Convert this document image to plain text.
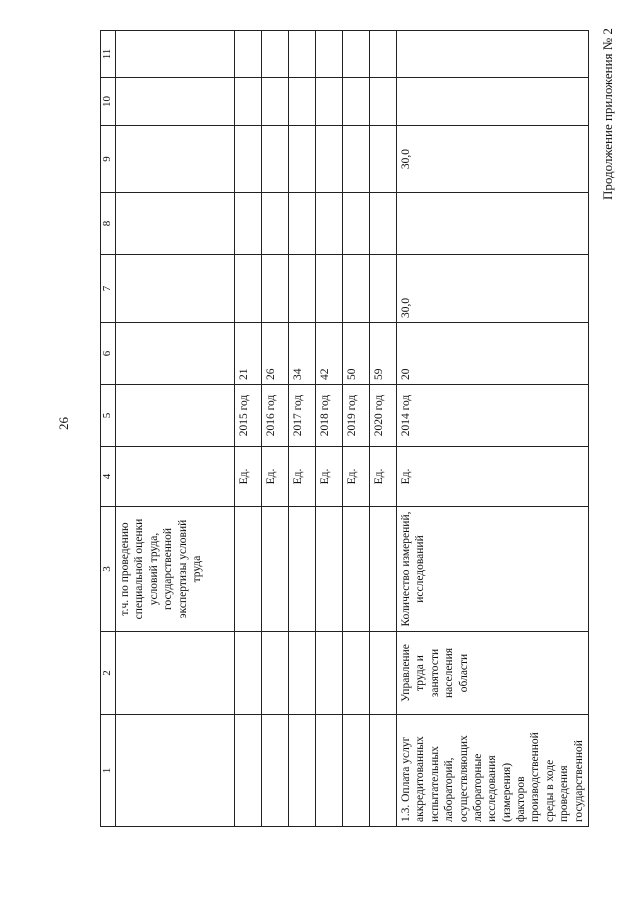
26
Продолжение приложения № 2
1	2	3	4	5	6	7	8	9	10	11
		т.ч. по проведению специальной оценки условий труда, государственной экспертизы условий труда								
			Ед.	2015 год	21					
			Ед.	2016 год	26					
			Ед.	2017 год	34					
			Ед.	2018 год	42					
			Ед.	2019 год	50					
			Ед.	2020 год	59					
1.3. Оплата услуг аккредитованных испытательных лабораторий, осуществляющих лабораторные исследования (измерения) факторов производственной среды в ходе проведения государственной	Управление труда и занятости населения области	Количество измерений, исследований	Ед.	2014 год	20	30,0		30,0		
